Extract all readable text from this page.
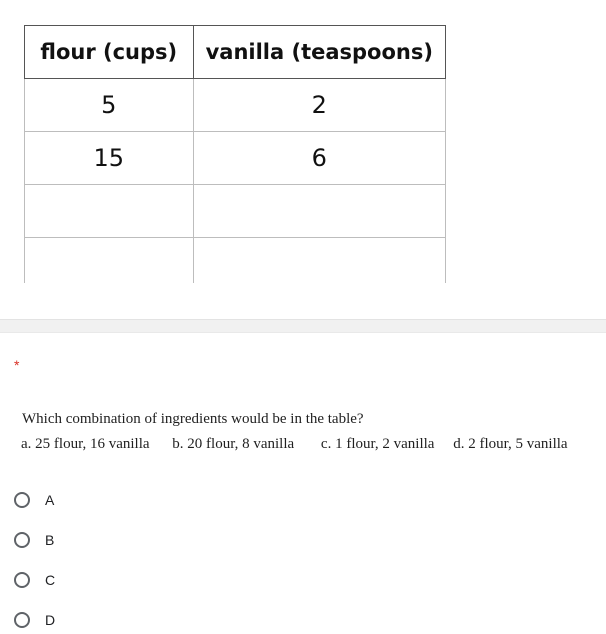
flour (cups)	vanilla (teaspoons)
5	2
15	6

*
Which combination of ingredients would be in the table?
a. 25 flour, 16 vanilla b. 20 flour, 8 vanilla c. 1 flour, 2 vanilla d. 2 flour, 5 vanilla
A
B
C
D
